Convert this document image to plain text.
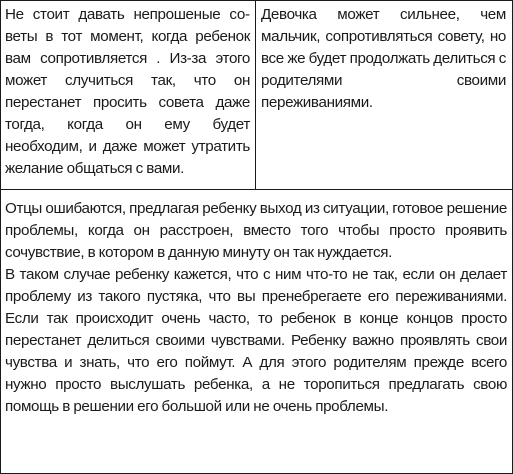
Не стоит давать непрошеные советы в тот момент, когда ребенок вам сопротивляется . Из-за этого может случиться так, что он перестанет просить совета даже тогда, когда он ему будет необходим, и даже может утратить желание общаться с вами.

Девочка может сильнее, чем мальчик, сопротивляться совету, но все же будет продолжать делиться с родителями своими переживаниями.

Отцы ошибаются, предлагая ребенку выход из ситуации, готовое решение проблемы, когда он расстроен, вместо того чтобы просто проявить сочувствие, в котором в данную минуту он так нуждается.
В таком случае ребенку кажется, что с ним что-то не так, если он делает проблему из такого пустяка, что вы пренебрегаете его переживаниями. Если так происходит очень часто, то ребенок в конце концов просто перестанет делиться своими чувствами. Ребенку важно проявлять свои чувства и знать, что его поймут. А для этого родителям прежде всего нужно просто выслушать ребенка, а не торопиться предлагать свою помощь в решении его большой или не очень проблемы.
